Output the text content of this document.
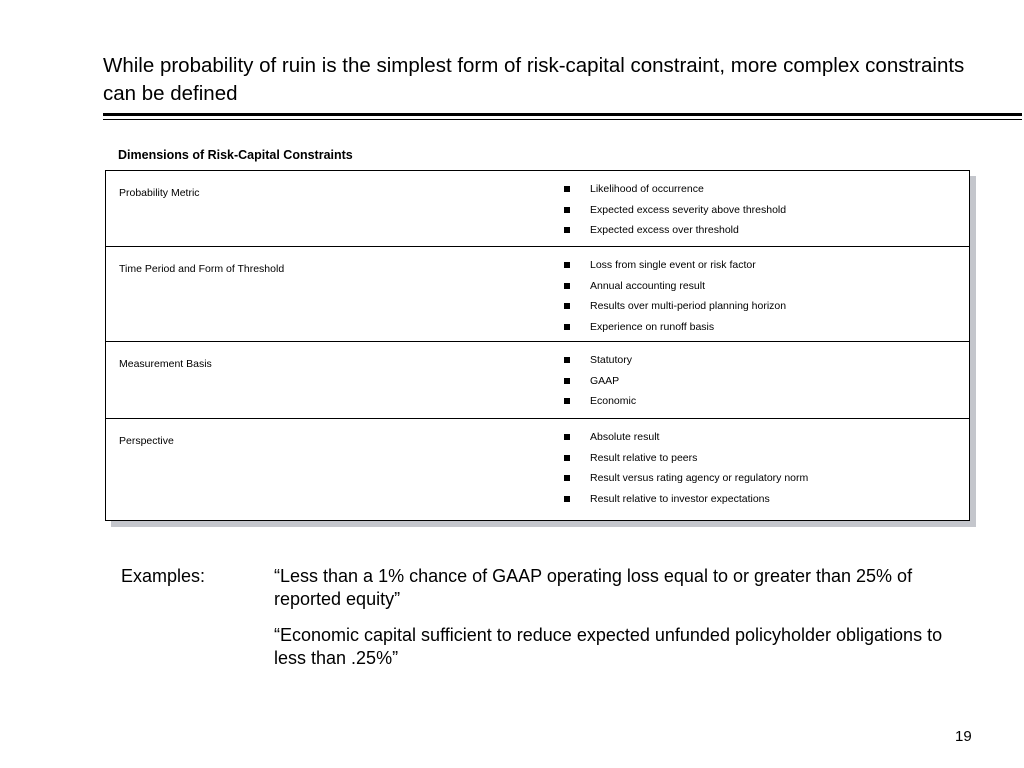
While probability of ruin is the simplest form of risk-capital constraint, more complex constraints can be defined
Dimensions of Risk-Capital Constraints
Probability Metric	Likelihood of occurrence
Expected excess severity above threshold
Expected excess over threshold
Time Period and Form of Threshold	Loss from single event or risk factor
Annual accounting result
Results over multi-period planning horizon
Experience on runoff basis
Measurement Basis	Statutory
GAAP
Economic
Perspective	Absolute result
Result relative to peers
Result versus rating agency or regulatory norm
Result relative to investor expectations
Examples:	“Less than a 1% chance of GAAP operating loss equal to or greater than 25% of reported equity”
“Economic capital sufficient to reduce expected unfunded policyholder obligations to less than .25%”
19
